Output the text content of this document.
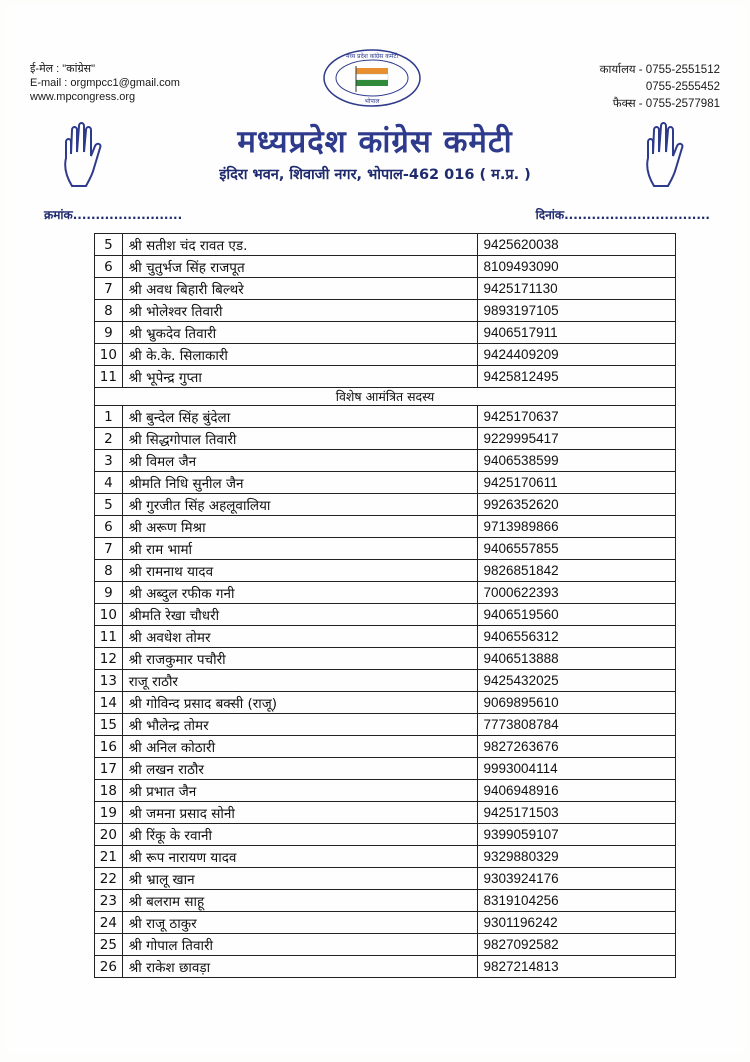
ई-मेल : "कांग्रेस"
E-mail : orgmpcc1@gmail.com
www.mpcongress.org
कार्यालय - 0755-2551512
0755-2555452
फैक्स - 0755-2577981
मध्य प्रदेश कांग्रेस कमेटी
भोपाल
मध्यप्रदेश कांग्रेस कमेटी
इंदिरा भवन, शिवाजी नगर, भोपाल-462 016 ( म.प्र. )
क्रमांक........................	दिनांक................................
5	श्री सतीश चंद रावत एड.	9425620038
6	श्री चुतुर्भज सिंह राजपूत	8109493090
7	श्री अवध बिहारी बिल्थरे	9425171130
8	श्री भोलेश्वर तिवारी	9893197105
9	श्री भ्रुकदेव तिवारी	9406517911
10	श्री के.के. सिलाकारी	9424409209
11	श्री भूपेन्द्र गुप्ता	9425812495
विशेष आमंत्रित सदस्य		
1	श्री बुन्देल सिंह बुंदेला	9425170637
2	श्री सिद्धगोपाल तिवारी	9229995417
3	श्री विमल जैन	9406538599
4	श्रीमति निधि सुनील जैन	9425170611
5	श्री गुरजीत सिंह अहलूवालिया	9926352620
6	श्री अरूण मिश्रा	9713989866
7	श्री राम भार्मा	9406557855
8	श्री रामनाथ यादव	9826851842
9	श्री अब्दुल रफीक गनी	7000622393
10	श्रीमति रेखा चौधरी	9406519560
11	श्री अवधेश तोमर	9406556312
12	श्री राजकुमार पचौरी	9406513888
13	राजू राठौर	9425432025
14	श्री गोविन्द प्रसाद बक्सी (राजू)	9069895610
15	श्री भौलेन्द्र तोमर	7773808784
16	श्री अनिल कोठारी	9827263676
17	श्री लखन राठौर	9993004114
18	श्री प्रभात जैन	9406948916
19	श्री जमना प्रसाद सोनी	9425171503
20	श्री रिंकू के रवानी	9399059107
21	श्री रूप नारायण यादव	9329880329
22	श्री भ्रालू खान	9303924176
23	श्री बलराम साहू	8319104256
24	श्री राजू ठाकुर	9301196242
25	श्री गोपाल तिवारी	9827092582
26	श्री राकेश छावड़ा	9827214813
